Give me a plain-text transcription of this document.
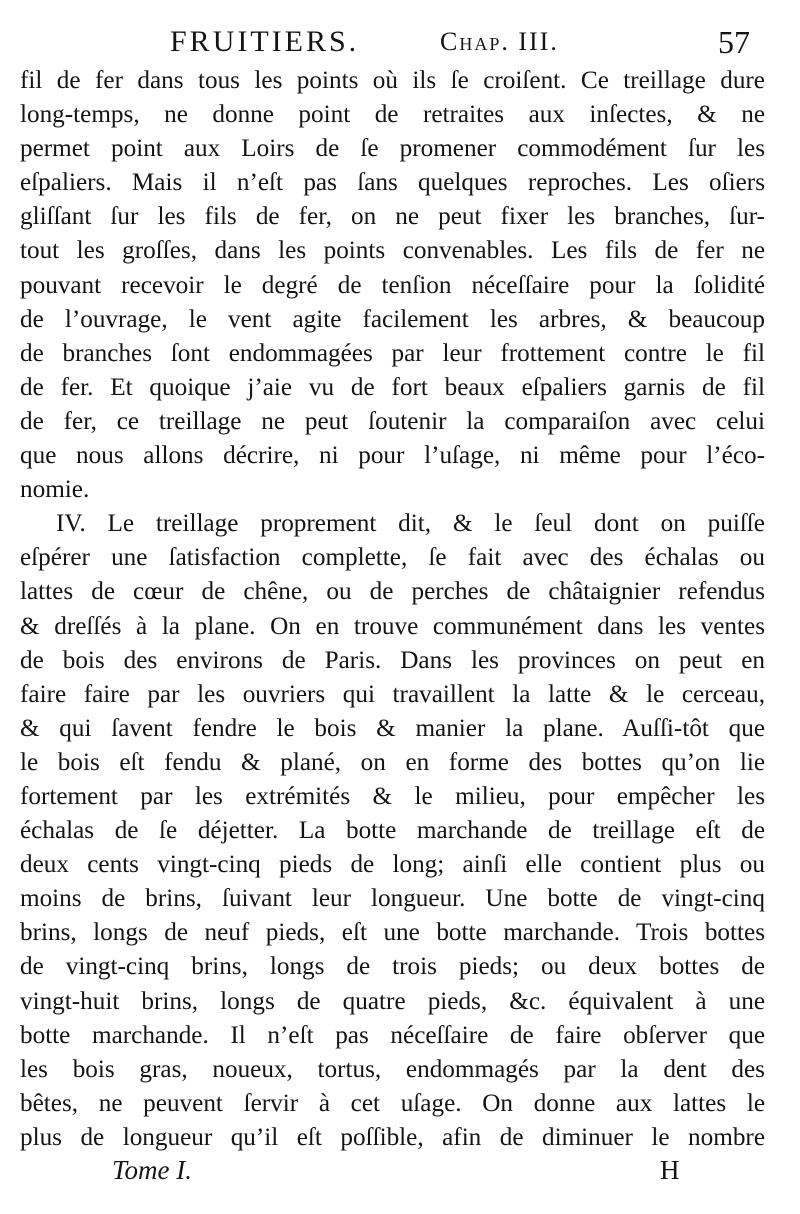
FRUITIERS.	Chap. III.	57
fil de fer dans tous les points où ils ſe croiſent. Ce treillage dure
long-temps, ne donne point de retraites aux inſectes, & ne
permet point aux Loirs de ſe promener commodément ſur les
eſpaliers. Mais il n’eſt pas ſans quelques reproches. Les oſiers
gliſſant ſur les fils de fer, on ne peut fixer les branches, ſur-
tout les groſſes, dans les points convenables. Les fils de fer ne
pouvant recevoir le degré de tenſion néceſſaire pour la ſolidité
de l’ouvrage, le vent agite facilement les arbres, & beaucoup
de branches ſont endommagées par leur frottement contre le fil
de fer. Et quoique j’aie vu de fort beaux eſpaliers garnis de fil
de fer, ce treillage ne peut ſoutenir la comparaiſon avec celui
que nous allons décrire, ni pour l’uſage, ni même pour l’éco-
nomie.
IV. Le treillage proprement dit, & le ſeul dont on puiſſe
eſpérer une ſatisfaction complette, ſe fait avec des échalas ou
lattes de cœur de chêne, ou de perches de châtaignier refendus
& dreſſés à la plane. On en trouve communément dans les ventes
de bois des environs de Paris. Dans les provinces on peut en
faire faire par les ouvriers qui travaillent la latte & le cerceau,
& qui ſavent fendre le bois & manier la plane. Auſſi-tôt que
le bois eſt fendu & plané, on en forme des bottes qu’on lie
fortement par les extrémités & le milieu, pour empêcher les
échalas de ſe déjetter. La botte marchande de treillage eſt de
deux cents vingt-cinq pieds de long; ainſi elle contient plus ou
moins de brins, ſuivant leur longueur. Une botte de vingt-cinq
brins, longs de neuf pieds, eſt une botte marchande. Trois bottes
de vingt-cinq brins, longs de trois pieds; ou deux bottes de
vingt-huit brins, longs de quatre pieds, &c. équivalent à une
botte marchande. Il n’eſt pas néceſſaire de faire obſerver que
les bois gras, noueux, tortus, endommagés par la dent des
bêtes, ne peuvent ſervir à cet uſage. On donne aux lattes le
plus de longueur qu’il eſt poſſible, afin de diminuer le nombre
Tome I.	H
